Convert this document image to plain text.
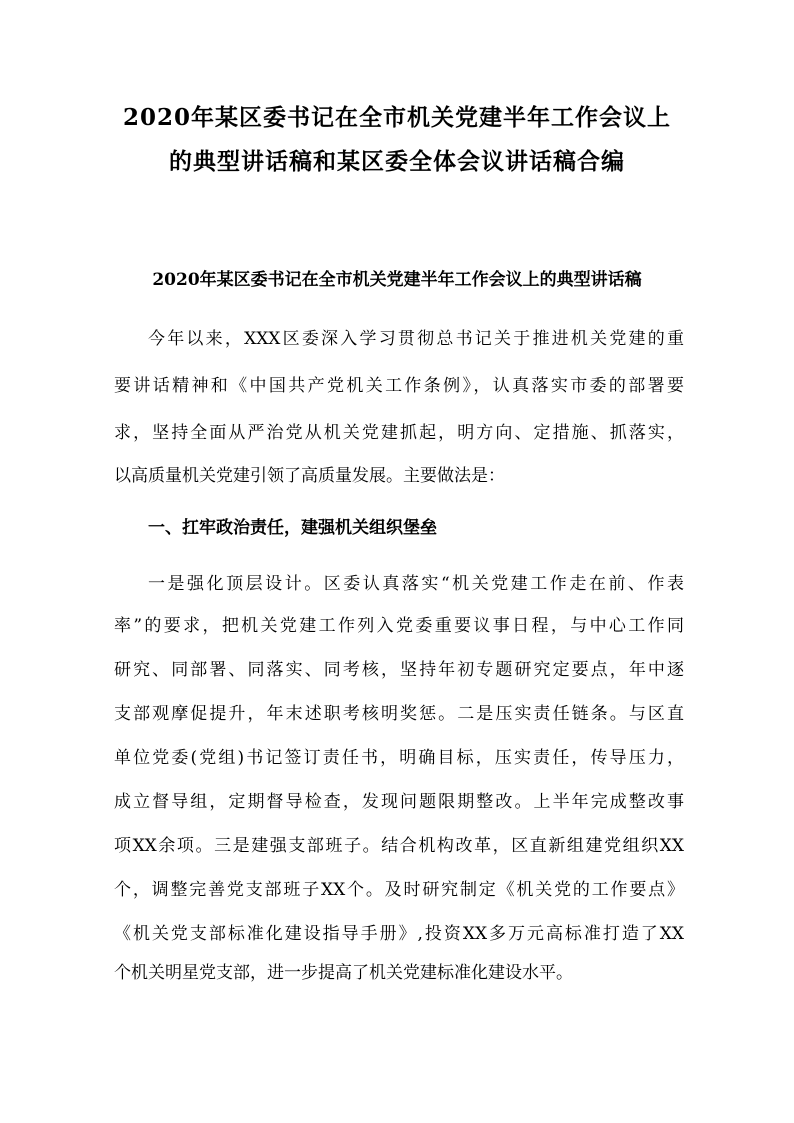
2020年某区委书记在全市机关党建半年工作会议上
的典型讲话稿和某区委全体会议讲话稿合编
2020年某区委书记在全市机关党建半年工作会议上的典型讲话稿

今年以来，XXX区委深入学习贯彻总书记关于推进机关党建的重

要讲话精神和《中国共产党机关工作条例》，认真落实市委的部署要

求，坚持全面从严治党从机关党建抓起，明方向、定措施、抓落实，

以高质量机关党建引领了高质量发展。主要做法是：

一、扛牢政治责任，建强机关组织堡垒

一是强化顶层设计。区委认真落实“机关党建工作走在前、作表

率”的要求，把机关党建工作列入党委重要议事日程，与中心工作同

研究、同部署、同落实、同考核，坚持年初专题研究定要点，年中逐

支部观摩促提升，年末述职考核明奖惩。二是压实责任链条。与区直

单位党委(党组)书记签订责任书，明确目标，压实责任，传导压力，

成立督导组，定期督导检查，发现问题限期整改。上半年完成整改事

项XX余项。三是建强支部班子。结合机构改革，区直新组建党组织XX

个，调整完善党支部班子XX个。及时研究制定《机关党的工作要点》

《机关党支部标准化建设指导手册》,投资XX多万元高标准打造了XX

个机关明星党支部，进一步提高了机关党建标准化建设水平。
